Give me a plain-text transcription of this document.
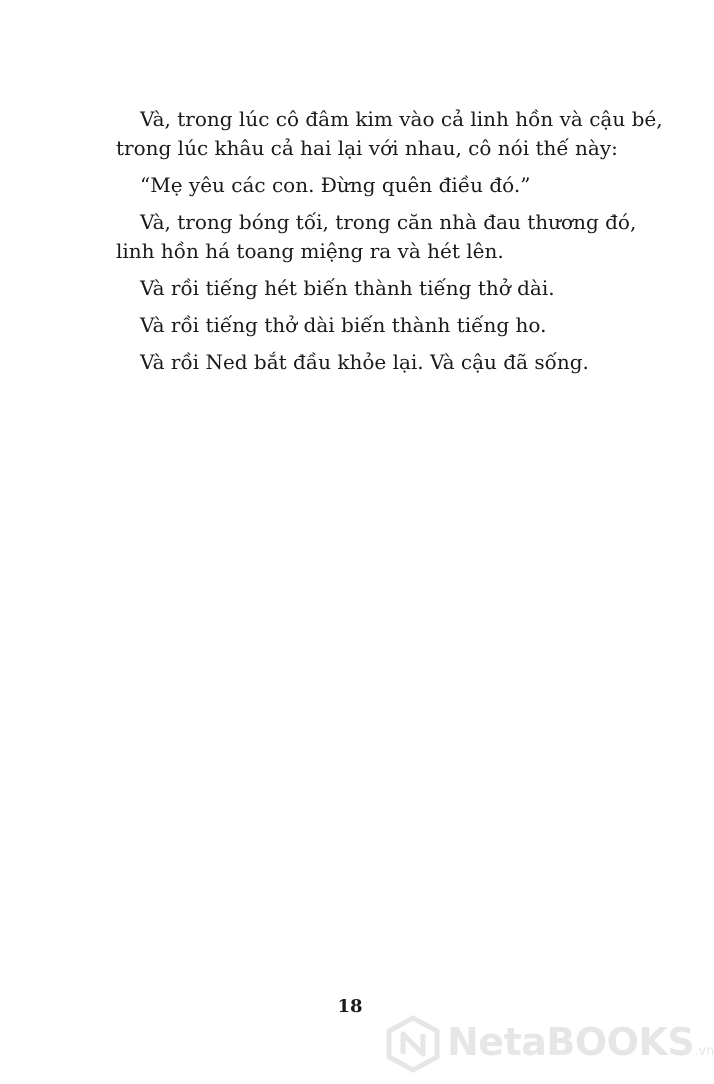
Và, trong lúc cô đâm kim vào cả linh hồn và cậu bé,
trong lúc khâu cả hai lại với nhau, cô nói thế này:

“Mẹ yêu các con. Đừng quên điều đó.”

Và, trong bóng tối, trong căn nhà đau thương đó,
linh hồn há toang miệng ra và hét lên.

Và rồi tiếng hét biến thành tiếng thở dài.

Và rồi tiếng thở dài biến thành tiếng ho.

Và rồi Ned bắt đầu khỏe lại. Và cậu đã sống.

18
NetaBOOKS.vn
